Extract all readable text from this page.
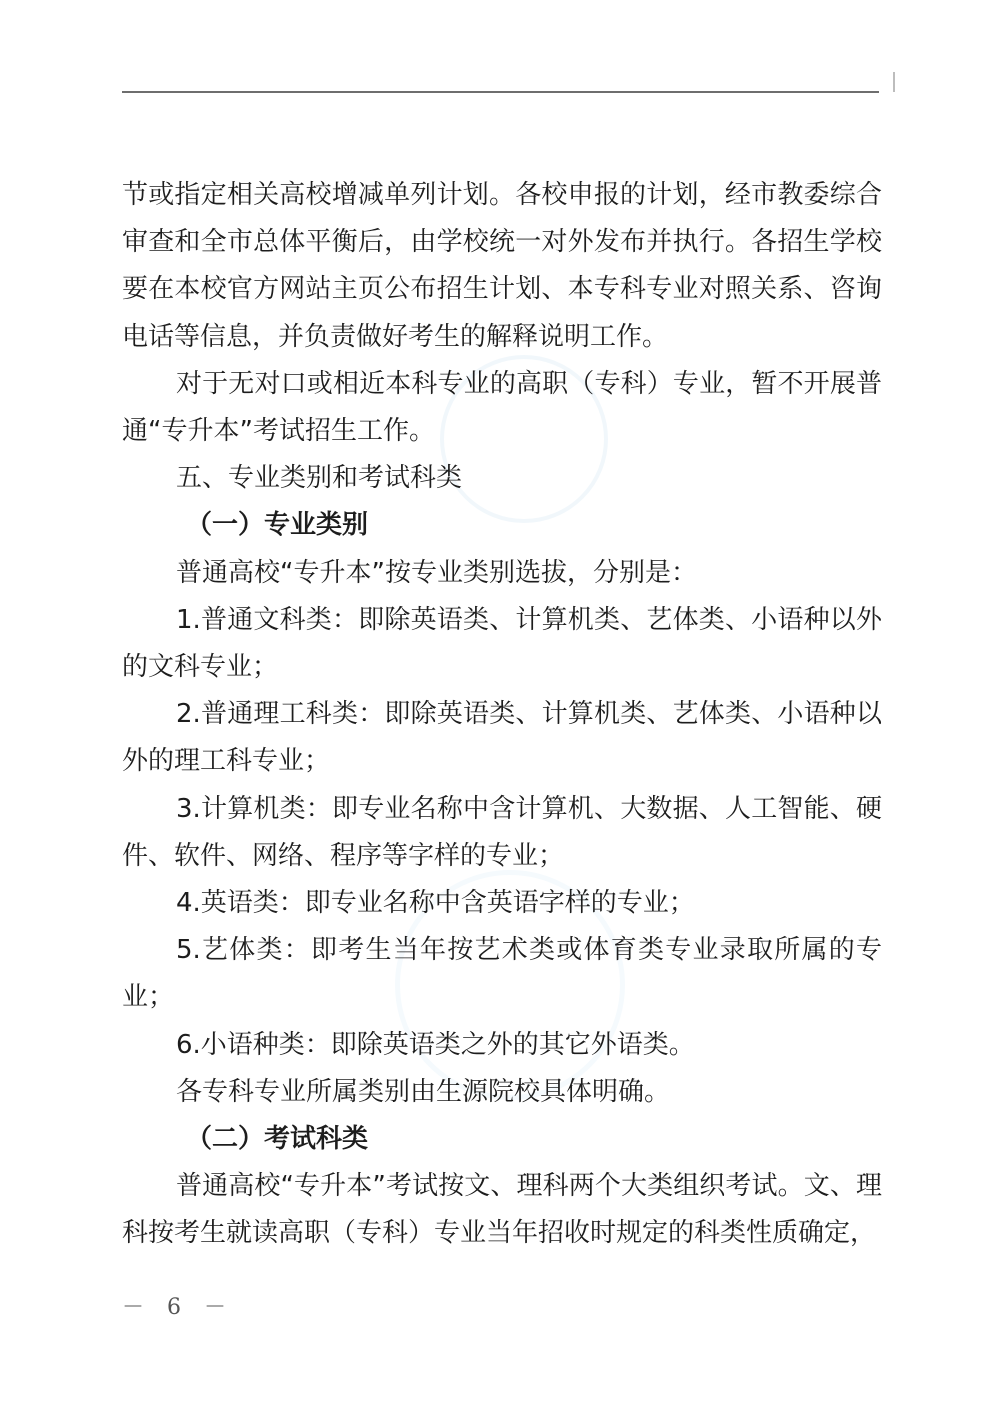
节或指定相关高校增减单列计划。各校申报的计划，经市教委综合审查和全市总体平衡后，由学校统一对外发布并执行。各招生学校要在本校官方网站主页公布招生计划、本专科专业对照关系、咨询电话等信息，并负责做好考生的解释说明工作。

对于无对口或相近本科专业的高职（专科）专业，暂不开展普通“专升本”考试招生工作。

五、专业类别和考试科类

（一）专业类别

普通高校“专升本”按专业类别选拔，分别是：

1.普通文科类：即除英语类、计算机类、艺体类、小语种以外的文科专业；

2.普通理工科类：即除英语类、计算机类、艺体类、小语种以外的理工科专业；

3.计算机类：即专业名称中含计算机、大数据、人工智能、硬件、软件、网络、程序等字样的专业；

4.英语类：即专业名称中含英语字样的专业；

5.艺体类：即考生当年按艺术类或体育类专业录取所属的专业；

6.小语种类：即除英语类之外的其它外语类。

各专科专业所属类别由生源院校具体明确。

（二）考试科类

普通高校“专升本”考试按文、理科两个大类组织考试。文、理科按考生就读高职（专科）专业当年招收时规定的科类性质确定，

－ 6 －
